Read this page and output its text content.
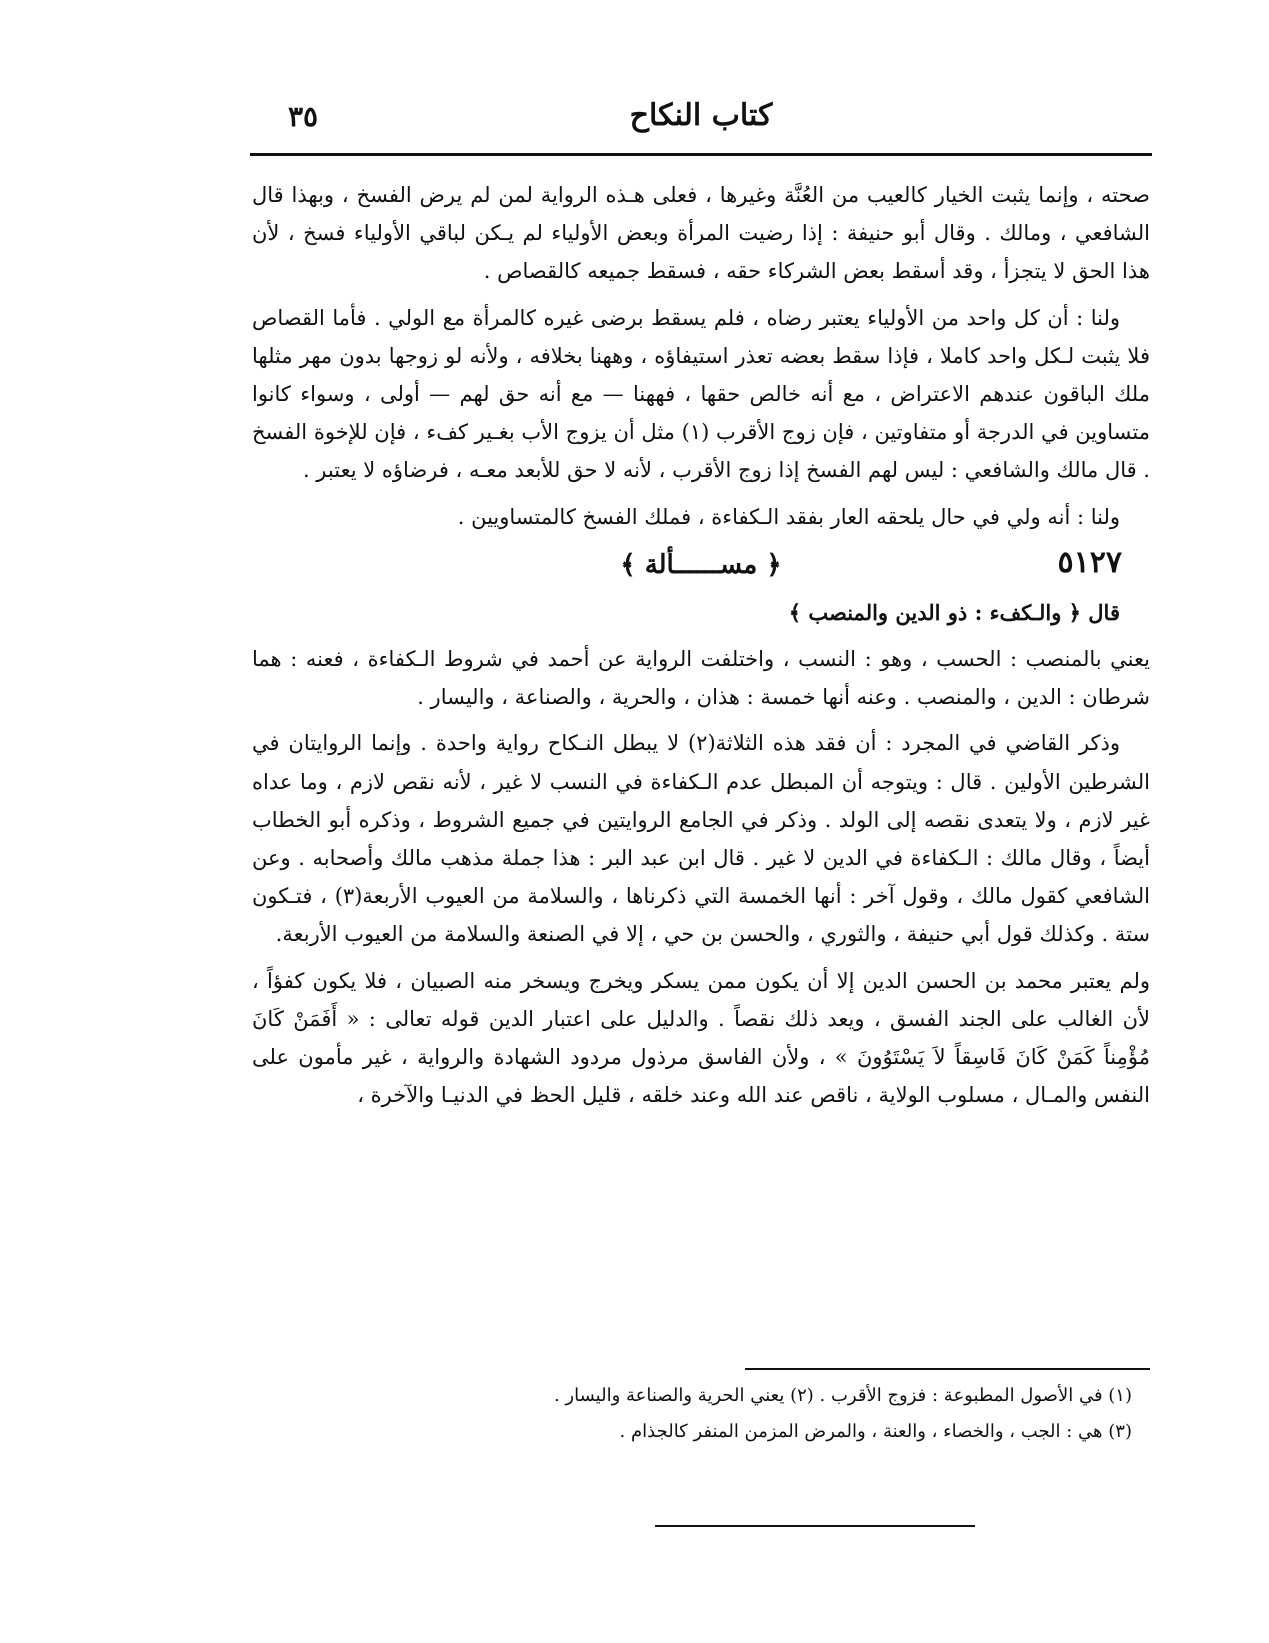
كتاب النكاح
٣٥

صحته ، وإنما يثبت الخيار كالعيب من العُنَّة وغيرها ، فعلى هـذه الرواية لمن لم يرض الفسخ ، وبهذا قال الشافعي ، ومالك . وقال أبو حنيفة : إذا رضيت المرأة وبعض الأولياء لم يـكن لباقي الأولياء فسخ ، لأن هذا الحق لا يتجزأ ، وقد أسقط بعض الشركاء حقه ، فسقط جميعه كالقصاص .

ولنا : أن كل واحد من الأولياء يعتبر رضاه ، فلم يسقط برضى غيره كالمرأة مع الولي . فأما القصاص فلا يثبت لـكل واحد كاملا ، فإذا سقط بعضه تعذر استيفاؤه ، وههنا بخلافه ، ولأنه لو زوجها بدون مهر مثلها ملك الباقون عندهم الاعتراض ، مع أنه خالص حقها ، فههنا — مع أنه حق لهم — أولى ، وسواء كانوا متساوين في الدرجة أو متفاوتين ، فإن زوج الأقرب (١) مثل أن يزوج الأب بغـير كفء ، فإن للإخوة الفسخ . قال مالك والشافعي : ليس لهم الفسخ إذا زوج الأقرب ، لأنه لا حق للأبعد معـه ، فرضاؤه لا يعتبر .

ولنا : أنه ولي في حال يلحقه العار بفقد الـكفاءة ، فملك الفسخ كالمتساويين .

٥١٢٧
﴿ مســــــألة ﴾

قال ﴿ والـكفء : ذو الدين والمنصب ﴾

يعني بالمنصب : الحسب ، وهو : النسب ، واختلفت الرواية عن أحمد في شروط الـكفاءة ، فعنه : هما شرطان : الدين ، والمنصب . وعنه أنها خمسة : هذان ، والحرية ، والصناعة ، واليسار .

وذكر القاضي في المجرد : أن فقد هذه الثلاثة(٢) لا يبطل النـكاح رواية واحدة . وإنما الروايتان في الشرطين الأولين . قال : ويتوجه أن المبطل عدم الـكفاءة في النسب لا غير ، لأنه نقص لازم ، وما عداه غير لازم ، ولا يتعدى نقصه إلى الولد . وذكر في الجامع الروايتين في جميع الشروط ، وذكره أبو الخطاب أيضاً ، وقال مالك : الـكفاءة في الدين لا غير . قال ابن عبد البر : هذا جملة مذهب مالك وأصحابه . وعن الشافعي كقول مالك ، وقول آخر : أنها الخمسة التي ذكرناها ، والسلامة من العيوب الأربعة(٣) ، فتـكون ستة . وكذلك قول أبي حنيفة ، والثوري ، والحسن بن حي ، إلا في الصنعة والسلامة من العيوب الأربعة.

ولم يعتبر محمد بن الحسن الدين إلا أن يكون ممن يسكر ويخرج ويسخر منه الصبيان ، فلا يكون كفؤاً ، لأن الغالب على الجند الفسق ، ويعد ذلك نقصاً . والدليل على اعتبار الدين قوله تعالى : « أَفَمَنْ كَانَ مُؤْمِناً كَمَنْ كَانَ فَاسِقاً لاَ يَسْتَوُونَ » ، ولأن الفاسق مرذول مردود الشهادة والرواية ، غير مأمون على النفس والمـال ، مسلوب الولاية ، ناقص عند الله وعند خلقه ، قليل الحظ في الدنيـا والآخرة ،

(١) في الأصول المطبوعة : فزوج الأقرب . (٢) يعني الحرية والصناعة واليسار .

(٣) هي : الجب ، والخصاء ، والعنة ، والمرض المزمن المنفر كالجذام .
